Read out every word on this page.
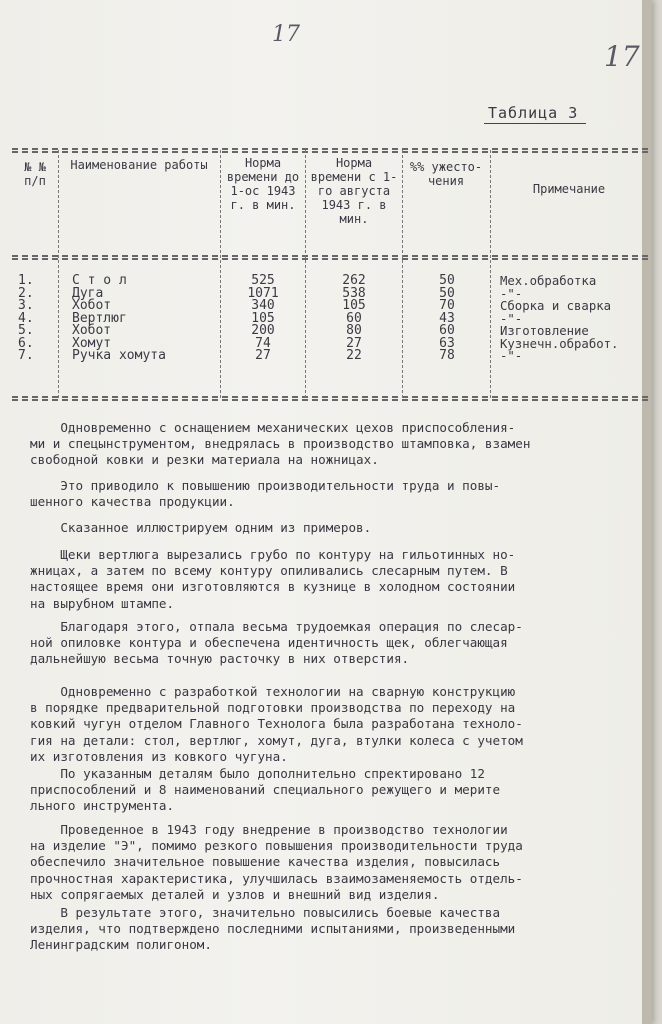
17
17
Таблица 3
№ № п/п
Наименование работы	Норма времени до 1-ос 1943 г. в мин.
Норма времени с 1-го августа 1943 г. в мин.
%% ужесто-чения
Примечание
1.
2.
3.
4.
5.
6.
7.
С т о л
Дуга
Хобот
Вертлюг
Хобот
Хомут
Ручка хомута
525
1071
340
105
200
74
27
262
538
105
60
80
27
22
50
50
70
43
60
63
78
Мех.обработка
-"-
Сборка и сварка
-"-
Изготовление
Кузнечн.обработ.
-"-
Одновременно с оснащением механических цехов приспособления-
ми и спецынструментом, внедрялась в производство штамповка, взамен
свободной ковки и резки материала на ножницах.
Это приводило к повышению производительности труда и повы-
шенного качества продукции.
Сказанное иллюстрируем одним из примеров.
Щеки вертлюга вырезались грубо по контуру на гильотинных но-
жницах, а затем по всему контуру опиливались слесарным путем. В
настоящее время они изготовляются в кузнице в холодном состоянии
на вырубном штампе.
Благодаря этого, отпала весьма трудоемкая операция по слесар-
ной опиловке контура и обеспечена идентичность щек, облегчающая
дальнейшую весьма точную расточку в них отверстия.
Одновременно с разработкой технологии на сварную конструкцию
в порядке предварительной подготовки производства по переходу на
ковкий чугун отделом Главного Технолога была разработана техноло-
гия на детали: стол, вертлюг, хомут, дуга, втулки колеса с учетом
их изготовления из ковкого чугуна.
По указанным деталям было дополнительно спректировано 12
приспособлений и 8 наименований специального режущего и мерите
льного инструмента.
Проведенное в 1943 году внедрение в производство технологии
на изделие "Э", помимо резкого повышения производительности труда
обеспечило значительное повышение качества изделия, повысилась
прочностная характеристика, улучшилась взаимозаменяемость отдель-
ных сопрягаемых деталей и узлов и внешний вид изделия.
В результате этого, значительно повысились боевые качества
изделия, что подтверждено последними испытаниями, произведенными
Ленинградским полигоном.
